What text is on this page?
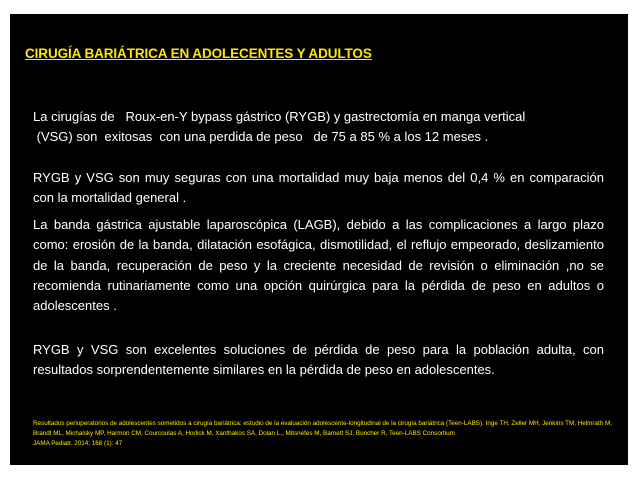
CIRUGÍA BARIÁTRICA EN ADOLECENTES Y ADULTOS

La cirugías de   Roux-en-Y bypass gástrico (RYGB) y gastrectomía en manga vertical
(VSG) son  exitosas  con una perdida de peso   de 75 a 85 % a los 12 meses .

RYGB y VSG son muy seguras con una mortalidad muy baja menos del 0,4 % en comparación con la mortalidad general .

La banda gástrica ajustable laparoscópica (LAGB), debido a las complicaciones a largo plazo como: erosión de la banda, dilatación esofágica, dismotilidad, el reflujo empeorado, deslizamiento de la banda, recuperación de peso y la creciente necesidad de revisión o eliminación ,no se recomienda rutinariamente como una opción quirúrgica para la pérdida de peso en adultos o adolescentes .

RYGB y VSG son excelentes soluciones de pérdida de peso para la población adulta, con resultados sorprendentemente similares en la pérdida de peso en adolescentes.

Resultados perioperatorios de adolescentes sometidos a cirugía bariátrica: estudio de la evaluación adolescente-longitudinal de la cirugía bariátrica (Teen-LABS). Inge TH, Zeller MH, Jenkins TM, Helmrath M, Brandt ML, Michalsky MP, Harmon CM, Courcoulas A, Horlick M, Xanthakos SA, Dolan L., Mitsnefes M, Barnett SJ, Buncher R, Teen-LABS Consortium
JAMA Pediatr. 2014; 168 (1): 47
